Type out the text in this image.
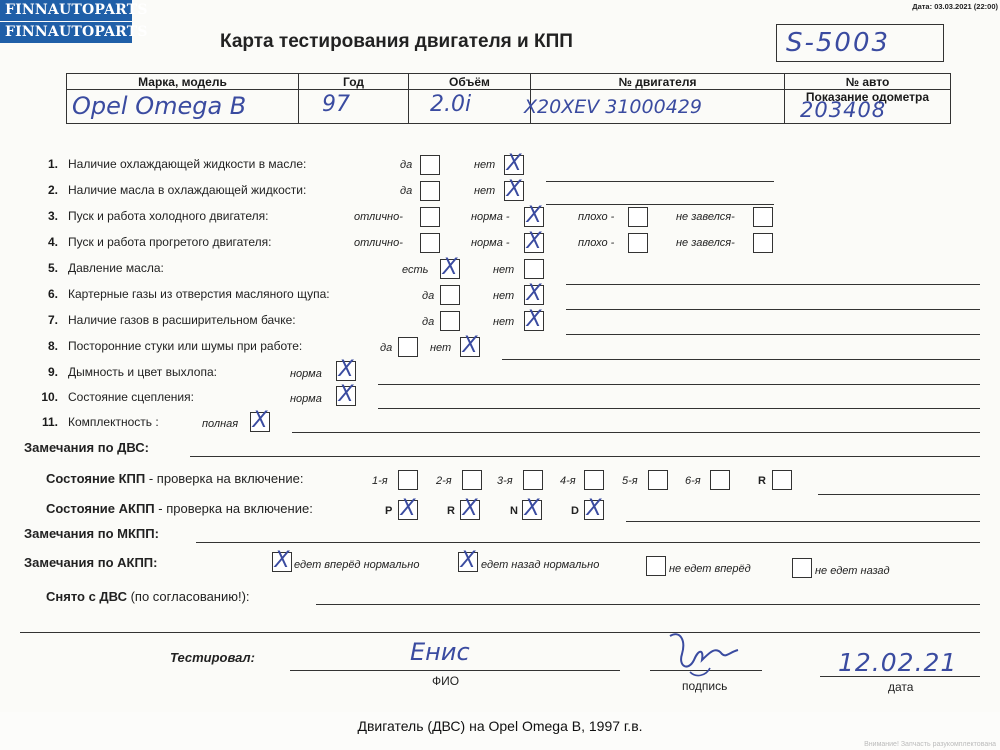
FINNAUTOPARTS
FINNAUTOPARTS
Дата: 03.03.2021 (22:00)
Карта тестирования двигателя и КПП	S-5003
Марка, модель	Год	Объём	№ двигателя	№ авто
				Показание одометра
Opel Omega B	97	2.0i	X20XEV 31000429	203408
1. Наличие охлаждающей жидкости в масле:	да	нет X
2. Наличие масла в охлаждающей жидкости:	да	нет X
3. Пуск и работа холодного двигателя:	отлично-	норма - X	плохо -	не завелся-
4. Пуск и работа прогретого двигателя:	отлично-	норма - X	плохо -	не завелся-
5. Давление масла:	есть X	нет
6. Картерные газы из отверстия масляного щупа:	да	нет X
7. Наличие газов в расширительном бачке:	да	нет X
8. Посторонние стуки или шумы при работе:	да	нет X
9. Дымность и цвет выхлопа:	норма X
10. Состояние сцепления:	норма X
11. Комплектность :	полная X
Замечания по ДВС:
Состояние КПП - проверка на включение:	1-я	2-я	3-я	4-я	5-я	6-я	R
Состояние АКПП - проверка на включение:	P X	R X	N X	D X
Замечания по МКПП:
Замечания по АКПП:	X едет вперёд нормально X едет назад нормально	не едет вперёд	не едет назад
Снято с ДВС (по согласованию!):
Тестировал:	Енис
ФИО	подпись
12.02.21
дата
Двигатель (ДВС) на Opel Omega B, 1997 г.в.
Внимание! Запчасть разукомплектована
